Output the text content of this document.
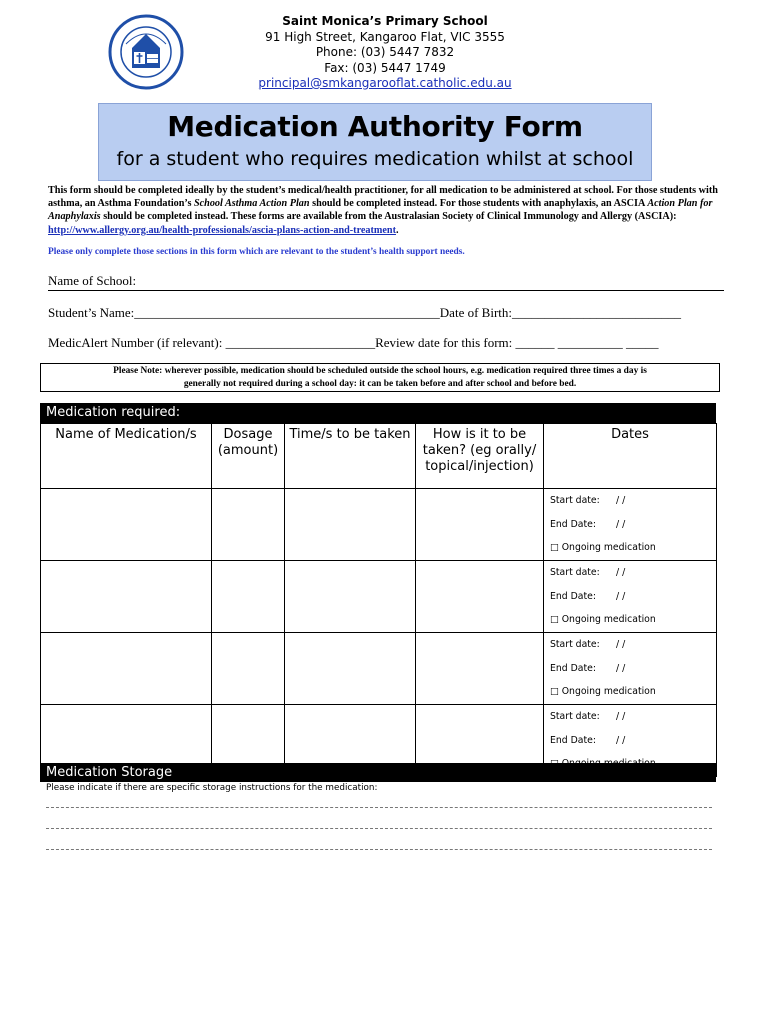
Saint Monica’s Primary School
91 High Street, Kangaroo Flat, VIC 3555
Phone: (03) 5447 7832
Fax: (03) 5447 1749
principal@smkangarooflat.catholic.edu.au
Medication Authority Form
for a student who requires medication whilst at school
This form should be completed ideally by the student’s medical/health practitioner, for all medication to be administered at school. For those students with asthma, an Asthma Foundation’s School Asthma Action Plan should be completed instead. For those students with anaphylaxis, an ASCIA Action Plan for Anaphylaxis should be completed instead. These forms are available from the Australasian Society of Clinical Immunology and Allergy (ASCIA): http://www.allergy.org.au/health-professionals/ascia-plans-action-and-treatment.
Please only complete those sections in this form which are relevant to the student’s health support needs.
Name of School:
Student’s Name:_______________________________________________Date of Birth:__________________________
MedicAlert Number (if relevant): _______________________Review date for this form: ______ __________ _____
Please Note: wherever possible, medication should be scheduled outside the school hours, e.g. medication required three times a day is
generally not required during a school day: it can be taken before and after school and before bed.
Medication required:
Name of Medication/s	Dosage (amount)	Time/s to be taken	How is it to be taken? (eg orally/ topical/injection)	Dates

				Start date: / /
End Date: / /
□ Ongoing medication

				Start date: / /
End Date: / /
□ Ongoing medication

				Start date: / /
End Date: / /
□ Ongoing medication

				Start date: / /
End Date: / /
Medication Storage
Please indicate if there are specific storage instructions for the medication:
